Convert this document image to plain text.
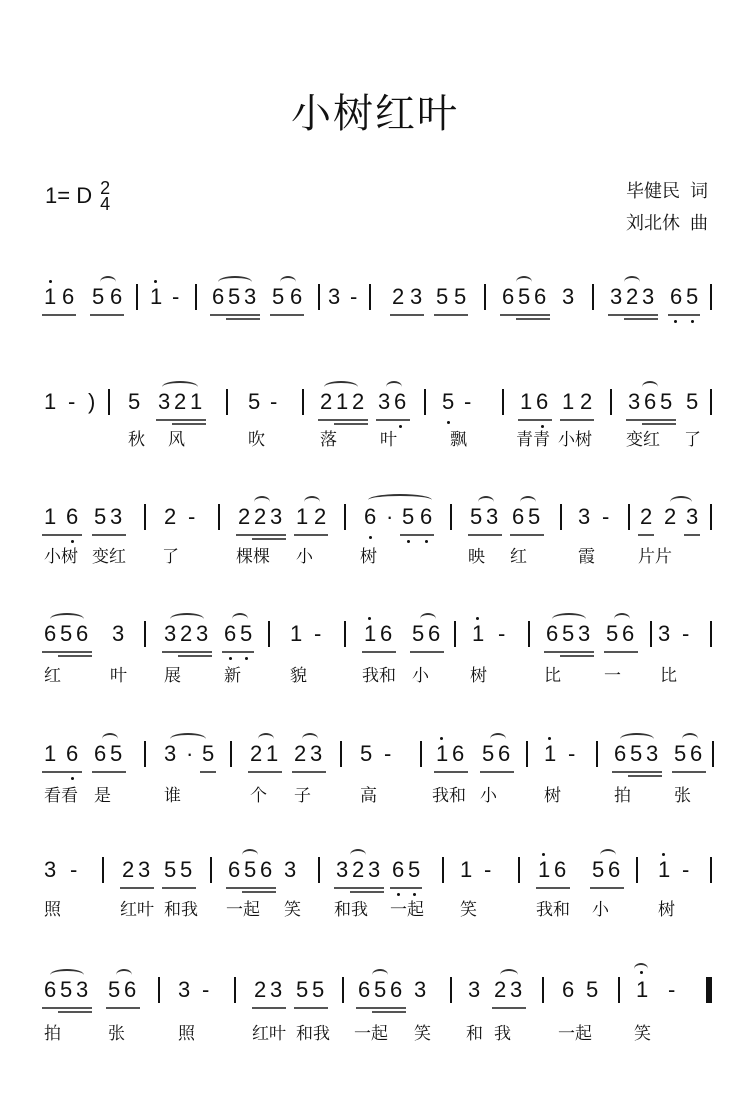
小树红叶
1= D 2
4
毕健民 词
刘北休 曲
1 6 5 6 1 - 6 5 3 5 6 3 - 2 3 5 5 6 5 6 3 3 2 3 6 5
1 - ) 5 3 2 1 5 - 2 1 2 3 6 5 - 1 6 1 2 3 6 5 5
秋 风	吹	落	叶	飘	青青 小树 变红 了
1 6 5 3 2 - 2 2 3 1 2 6 · 5 6 5 3 6 5 3 - 2 2 3
小树 变红 了	棵棵 小	树	映 红	霞	片片
6 5 6 3 3 2 3 6 5 1 - 1 6 5 6 1 - 6 5 3 5 6 3 -
红	叶 展	新	貌	我和 小 树	比	一 比
1 6 6 5 3 · 5 2 1 2 3 5 - 1 6 5 6 1 - 6 5 3 5 6
看看 是	谁	个 子	高	我和 小	树	拍	张
3 - 2 3 5 5 6 5 6 3 3 2 3 6 5 1 - 1 6 5 6 1 -
照	红叶 和我 一起 笑 和我 一起 笑	我和 小	树
6 5 3 5 6 3 - 2 3 5 5 6 5 6 3 3 2 3 6 5 1 -
拍	张	照	红叶 和我 一起 笑 和 我	一起 笑
